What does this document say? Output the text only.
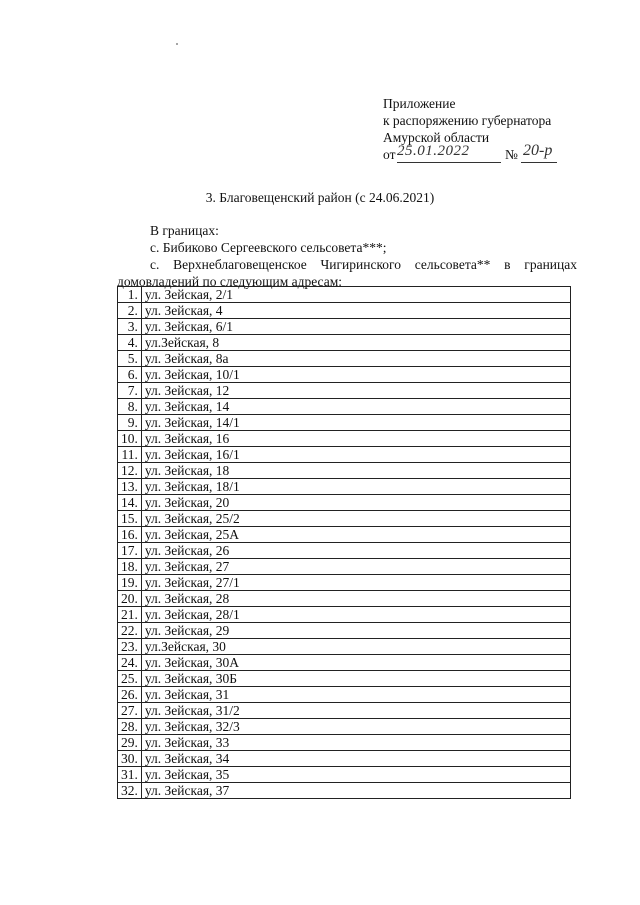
Приложение
к распоряжению губернатора
Амурской области
от 25.01.2022	№ 20-р
3. Благовещенский район (с 24.06.2021)
В границах:
с. Бибиково Сергеевского сельсовета***;
с. Верхнеблаговещенское Чигиринского сельсовета** в границах
домовладений по следующим адресам:
1.	ул. Зейская, 2/1
2.	ул. Зейская, 4
3.	ул. Зейская, 6/1
4.	ул.Зейская, 8
5.	ул. Зейская, 8а
6.	ул. Зейская, 10/1
7.	ул. Зейская, 12
8.	ул. Зейская, 14
9.	ул. Зейская, 14/1
10.	ул. Зейская, 16
11.	ул. Зейская, 16/1
12.	ул. Зейская, 18
13.	ул. Зейская, 18/1
14.	ул. Зейская, 20
15.	ул. Зейская, 25/2
16.	ул. Зейская, 25А
17.	ул. Зейская, 26
18.	ул. Зейская, 27
19.	ул. Зейская, 27/1
20.	ул. Зейская, 28
21.	ул. Зейская, 28/1
22.	ул. Зейская, 29
23.	ул.Зейская, 30
24.	ул. Зейская, 30А
25.	ул. Зейская, 30Б
26.	ул. Зейская, 31
27.	ул. Зейская, 31/2
28.	ул. Зейская, 32/3
29.	ул. Зейская, 33
30.	ул. Зейская, 34
31.	ул. Зейская, 35
32.	ул. Зейская, 37
